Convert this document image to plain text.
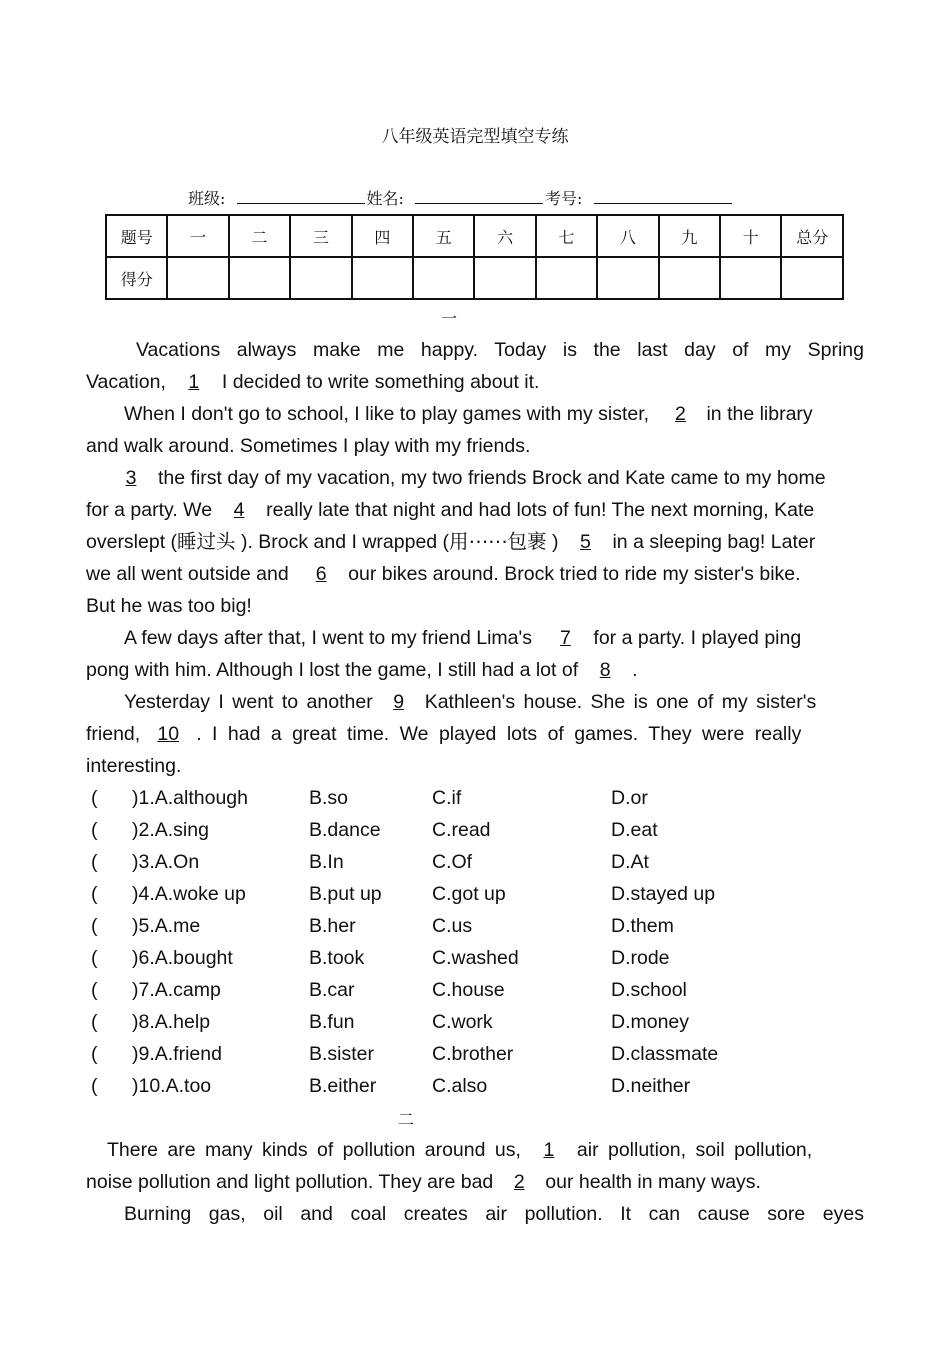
八年级英语完型填空专练
班级:	姓名:	考号:
题号	一	二	三	四	五	六	七	八	九	十	总分
得分											
一
Vacations always make me happy. Today is the last day of my Spring
Vacation, 1 I decided to write something about it.
When I don't go to school, I like to play games with my sister, 2 in the library
and walk around. Sometimes I play with my friends.
3 the first day of my vacation, my two friends Brock and Kate came to my home
for a party. We 4 really late that night and had lots of fun! The next morning, Kate
overslept (睡过头 ). Brock and I wrapped (用⋯⋯包裹 ) 5 in a sleeping bag! Later
we all went outside and 6 our bikes around. Brock tried to ride my sister's bike.
But he was too big!
A few days after that, I went to my friend Lima's 7 for a party. I played ping
pong with him. Although I lost the game, I still had a lot of 8 .
Yesterday I went to another 9 Kathleen's house. She is one of my sister's
friend, 10 . I had a great time. We played lots of games. They were really
interesting.
( )1.A.although	B.so	C.if	D.or
( )2.A.sing	B.dance	C.read	D.eat
( )3.A.On	B.In	C.Of	D.At
( )4.A.woke up	B.put up	C.got up	D.stayed up
( )5.A.me	B.her	C.us	D.them
( )6.A.bought	B.took	C.washed	D.rode
( )7.A.camp	B.car	C.house	D.school
( )8.A.help	B.fun	C.work	D.money
( )9.A.friend	B.sister	C.brother	D.classmate
( )10.A.too	B.either	C.also	D.neither
二
There are many kinds of pollution around us, 1 air pollution, soil pollution,
noise pollution and light pollution. They are bad 2 our health in many ways.
Burning gas, oil and coal creates air pollution. It can cause sore eyes
